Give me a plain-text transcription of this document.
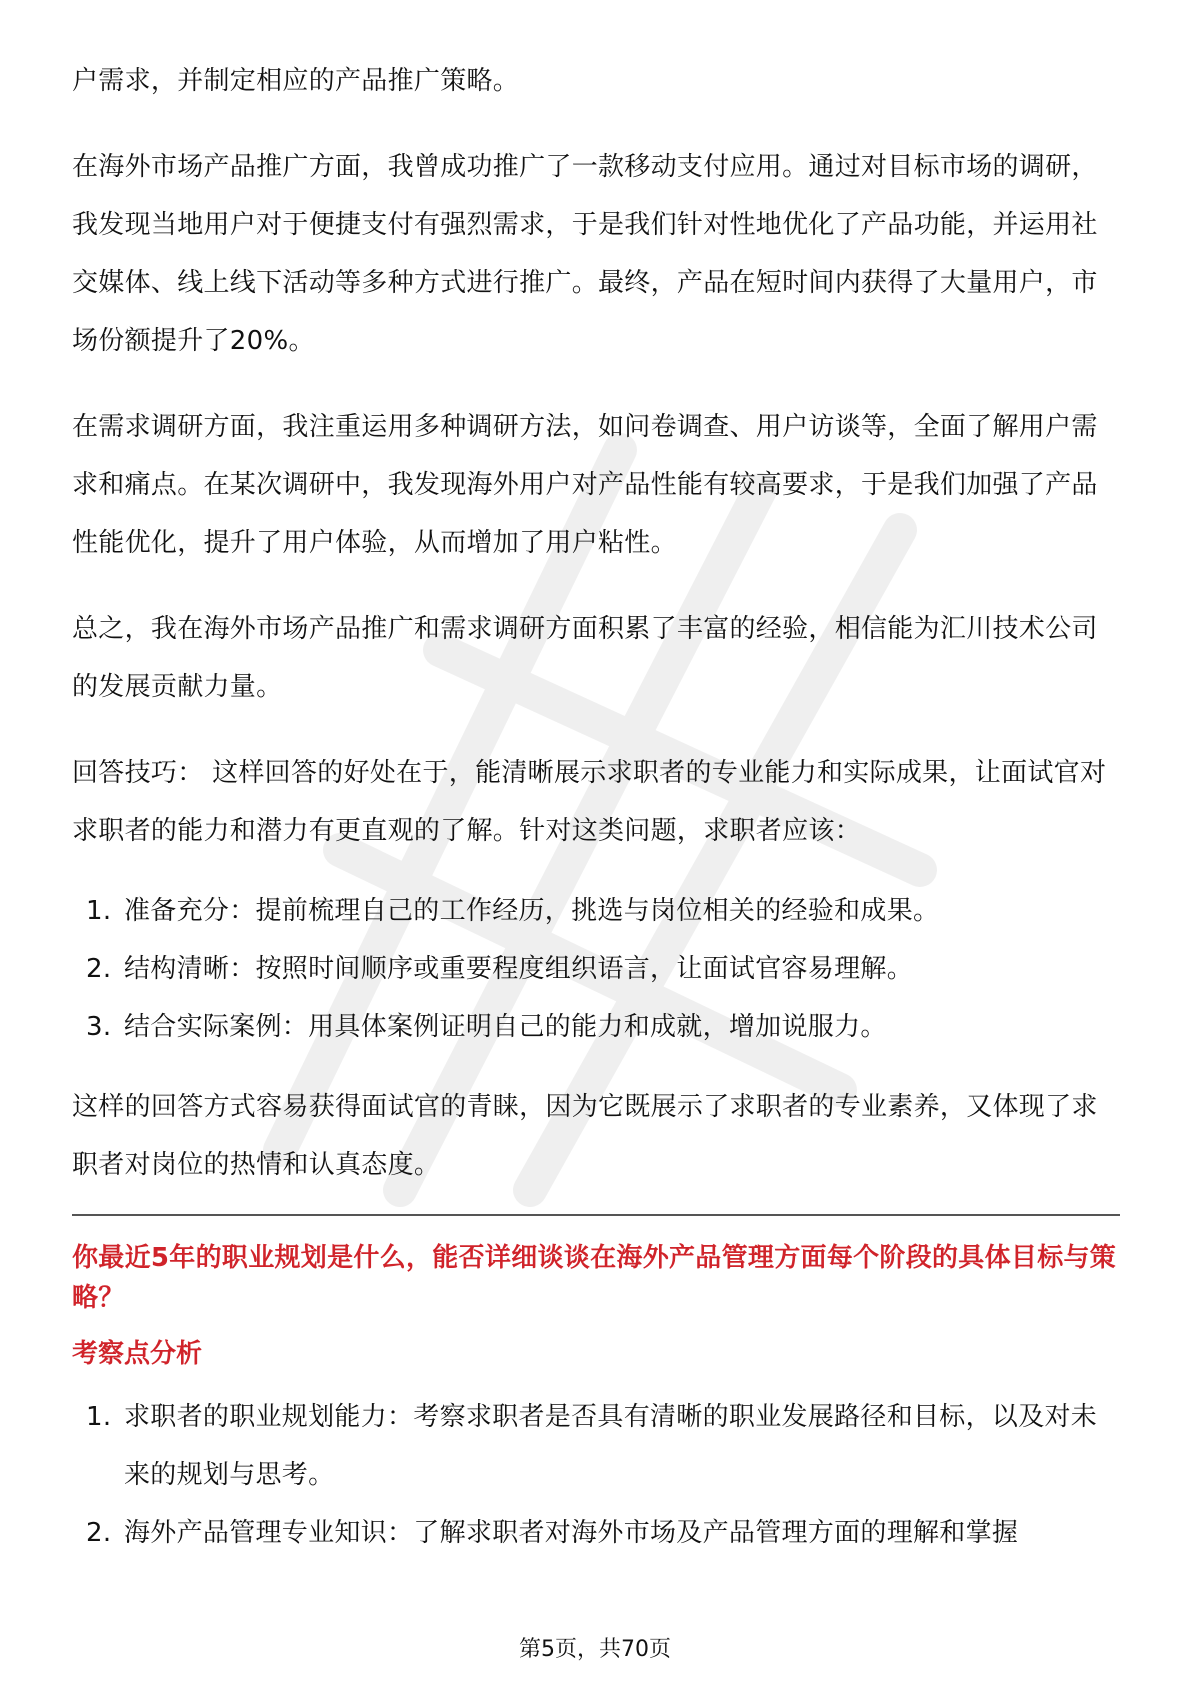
户需求，并制定相应的产品推广策略。

在海外市场产品推广方面，我曾成功推广了一款移动支付应用。通过对目标市场的调研，我发现当地用户对于便捷支付有强烈需求，于是我们针对性地优化了产品功能，并运用社交媒体、线上线下活动等多种方式进行推广。最终，产品在短时间内获得了大量用户，市场份额提升了20%。

在需求调研方面，我注重运用多种调研方法，如问卷调查、用户访谈等，全面了解用户需求和痛点。在某次调研中，我发现海外用户对产品性能有较高要求，于是我们加强了产品性能优化，提升了用户体验，从而增加了用户粘性。

总之，我在海外市场产品推广和需求调研方面积累了丰富的经验，相信能为汇川技术公司的发展贡献力量。

回答技巧： 这样回答的好处在于，能清晰展示求职者的专业能力和实际成果，让面试官对求职者的能力和潜力有更直观的了解。针对这类问题，求职者应该：

1. 准备充分：提前梳理自己的工作经历，挑选与岗位相关的经验和成果。
2. 结构清晰：按照时间顺序或重要程度组织语言，让面试官容易理解。
3. 结合实际案例：用具体案例证明自己的能力和成就，增加说服力。

这样的回答方式容易获得面试官的青睐，因为它既展示了求职者的专业素养，又体现了求职者对岗位的热情和认真态度。

你最近5年的职业规划是什么，能否详细谈谈在海外产品管理方面每个阶段的具体目标与策略？
考察点分析
1. 求职者的职业规划能力：考察求职者是否具有清晰的职业发展路径和目标，以及对未来的规划与思考。
2. 海外产品管理专业知识：了解求职者对海外市场及产品管理方面的理解和掌握
第5页，共70页
